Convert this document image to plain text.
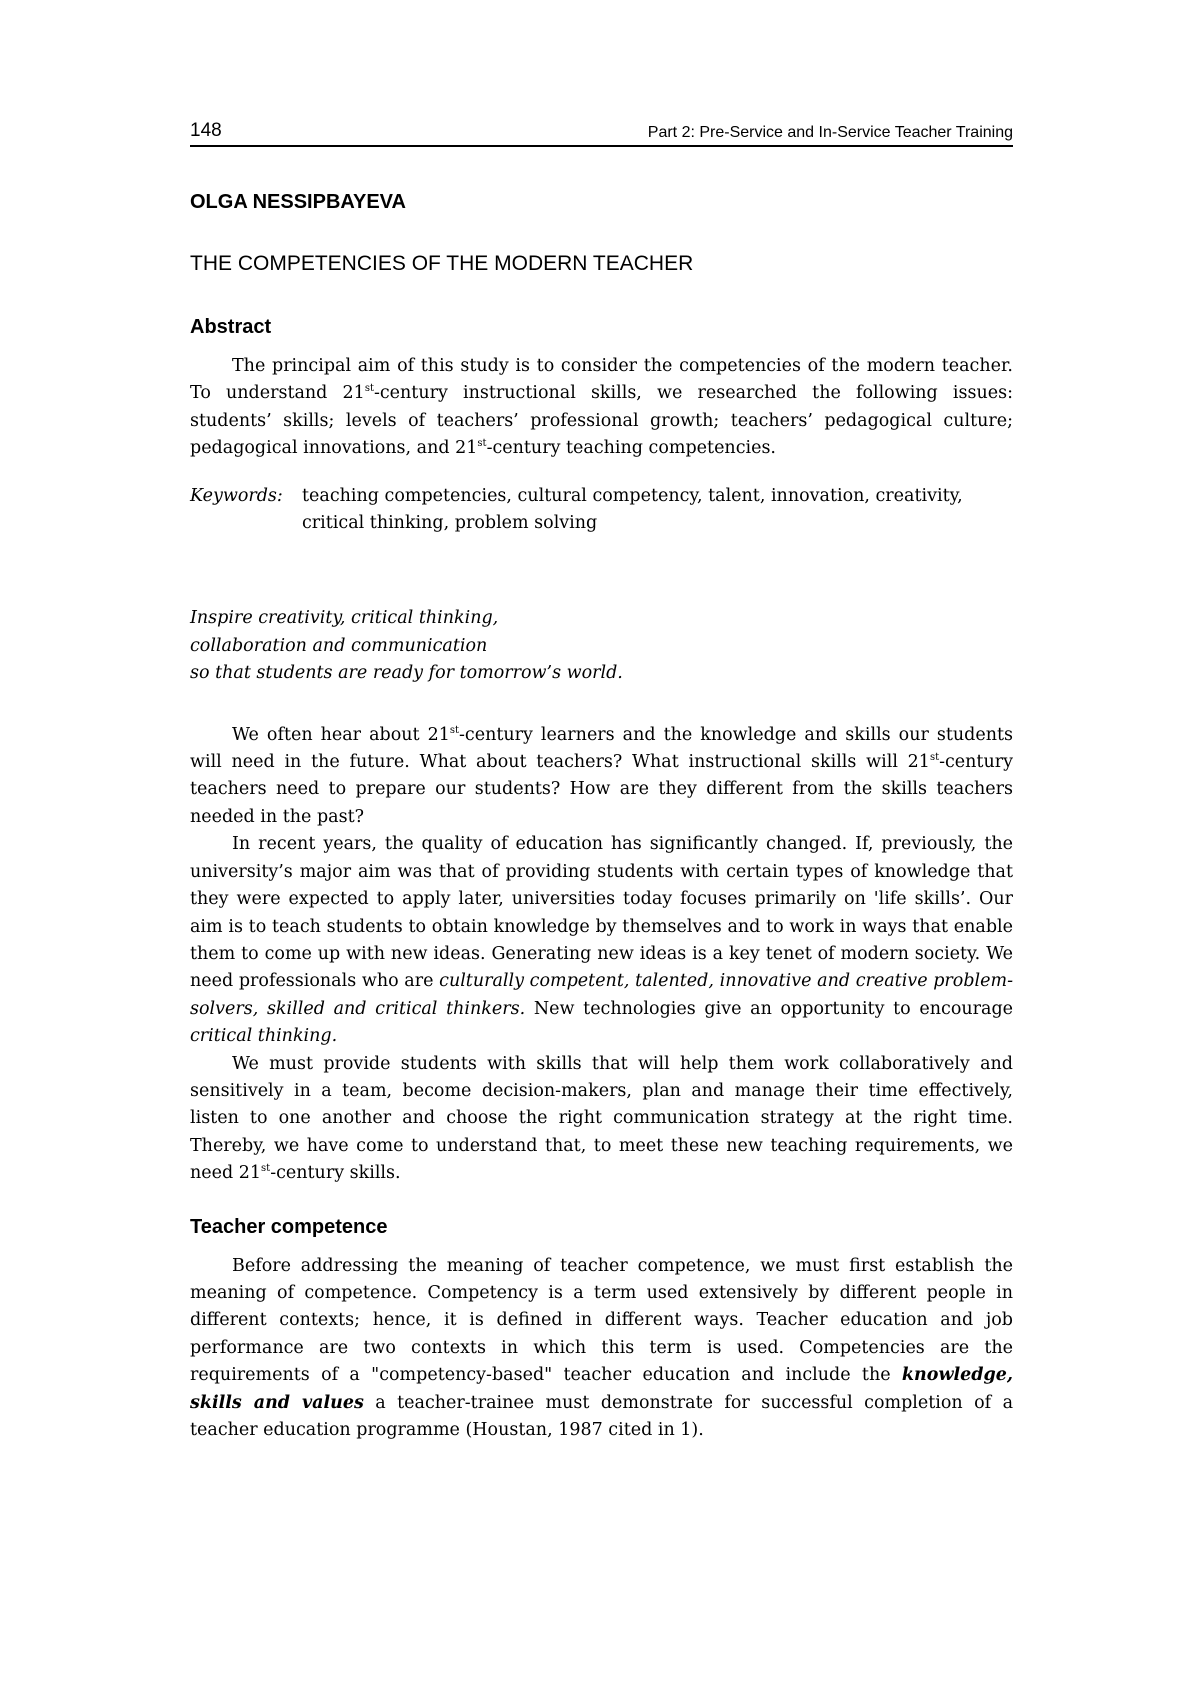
148	Part 2: Pre-Service and In-Service Teacher Training
OLGA NESSIPBAYEVA
THE COMPETENCIES OF THE MODERN TEACHER
Abstract

The principal aim of this study is to consider the competencies of the modern teacher. To understand 21st-century instructional skills, we researched the following issues: students’ skills; levels of teachers’ professional growth; teachers’ pedagogical culture; pedagogical innovations, and 21st-century teaching competencies.

Keywords:	teaching competencies, cultural competency, talent, innovation, creativity, critical thinking, problem solving
Inspire creativity, critical thinking,
collaboration and communication
so that students are ready for tomorrow’s world.

We often hear about 21st-century learners and the knowledge and skills our students will need in the future. What about teachers? What instructional skills will 21st-century teachers need to prepare our students? How are they different from the skills teachers needed in the past?

In recent years, the quality of education has significantly changed. If, previously, the university’s major aim was that of providing students with certain types of knowledge that they were expected to apply later, universities today focuses primarily on 'life skills’. Our aim is to teach students to obtain knowledge by themselves and to work in ways that enable them to come up with new ideas. Generating new ideas is a key tenet of modern society. We need professionals who are culturally competent, talented, innovative and creative problem-solvers, skilled and critical thinkers. New technologies give an opportunity to encourage critical thinking.

We must provide students with skills that will help them work collaboratively and sensitively in a team, become decision-makers, plan and manage their time effectively, listen to one another and choose the right communication strategy at the right time. Thereby, we have come to understand that, to meet these new teaching requirements, we need 21st-century skills.

Teacher competence

Before addressing the meaning of teacher competence, we must first establish the meaning of competence. Competency is a term used extensively by different people in different contexts; hence, it is defined in different ways. Teacher education and job performance are two contexts in which this term is used. Competencies are the requirements of a "competency-based" teacher education and include the knowledge, skills and values a teacher-trainee must demonstrate for successful completion of a teacher education programme (Houstan, 1987 cited in 1).
